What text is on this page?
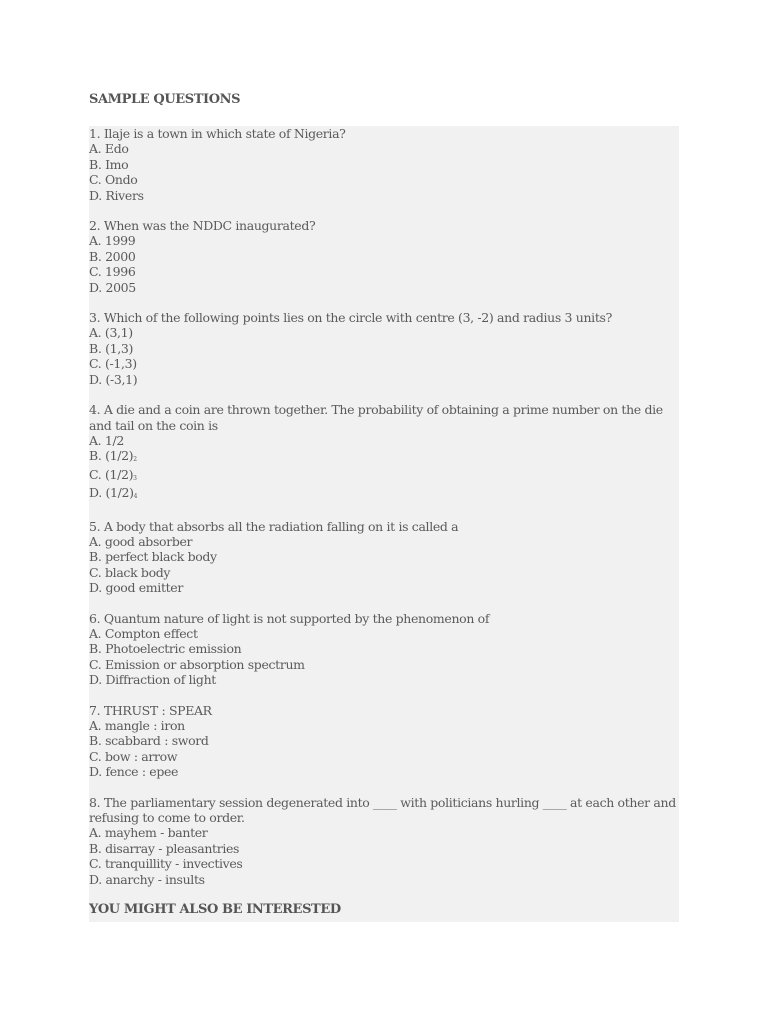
SAMPLE QUESTIONS
1. Ilaje is a town in which state of Nigeria?
A. Edo
B. Imo
C. Ondo
D. Rivers
2. When was the NDDC inaugurated?
A. 1999
B. 2000
C. 1996
D. 2005
3. Which of the following points lies on the circle with centre (3, -2) and radius 3 units?
A. (3,1)
B. (1,3)
C. (-1,3)
D. (-3,1)
4. A die and a coin are thrown together. The probability of obtaining a prime number on the die and tail on the coin is
A. 1/2
B. $(1/2)^2$
C. $(1/2)^3$
D. $(1/2)^4$
5. A body that absorbs all the radiation falling on it is called a
A. good absorber
B. perfect black body
C. black body
D. good emitter
6. Quantum nature of light is not supported by the phenomenon of
A. Compton effect
B. Photoelectric emission
C. Emission or absorption spectrum
D. Diffraction of light
7. THRUST : SPEAR
A. mangle : iron
B. scabbard : sword
C. bow : arrow
D. fence : epee
8. The parliamentary session degenerated into ____ with politicians hurling ____ at each other and refusing to come to order.
A. mayhem - banter
B. disarray - pleasantries
C. tranquillity - invectives
D. anarchy - insults
YOU MIGHT ALSO BE INTERESTED
